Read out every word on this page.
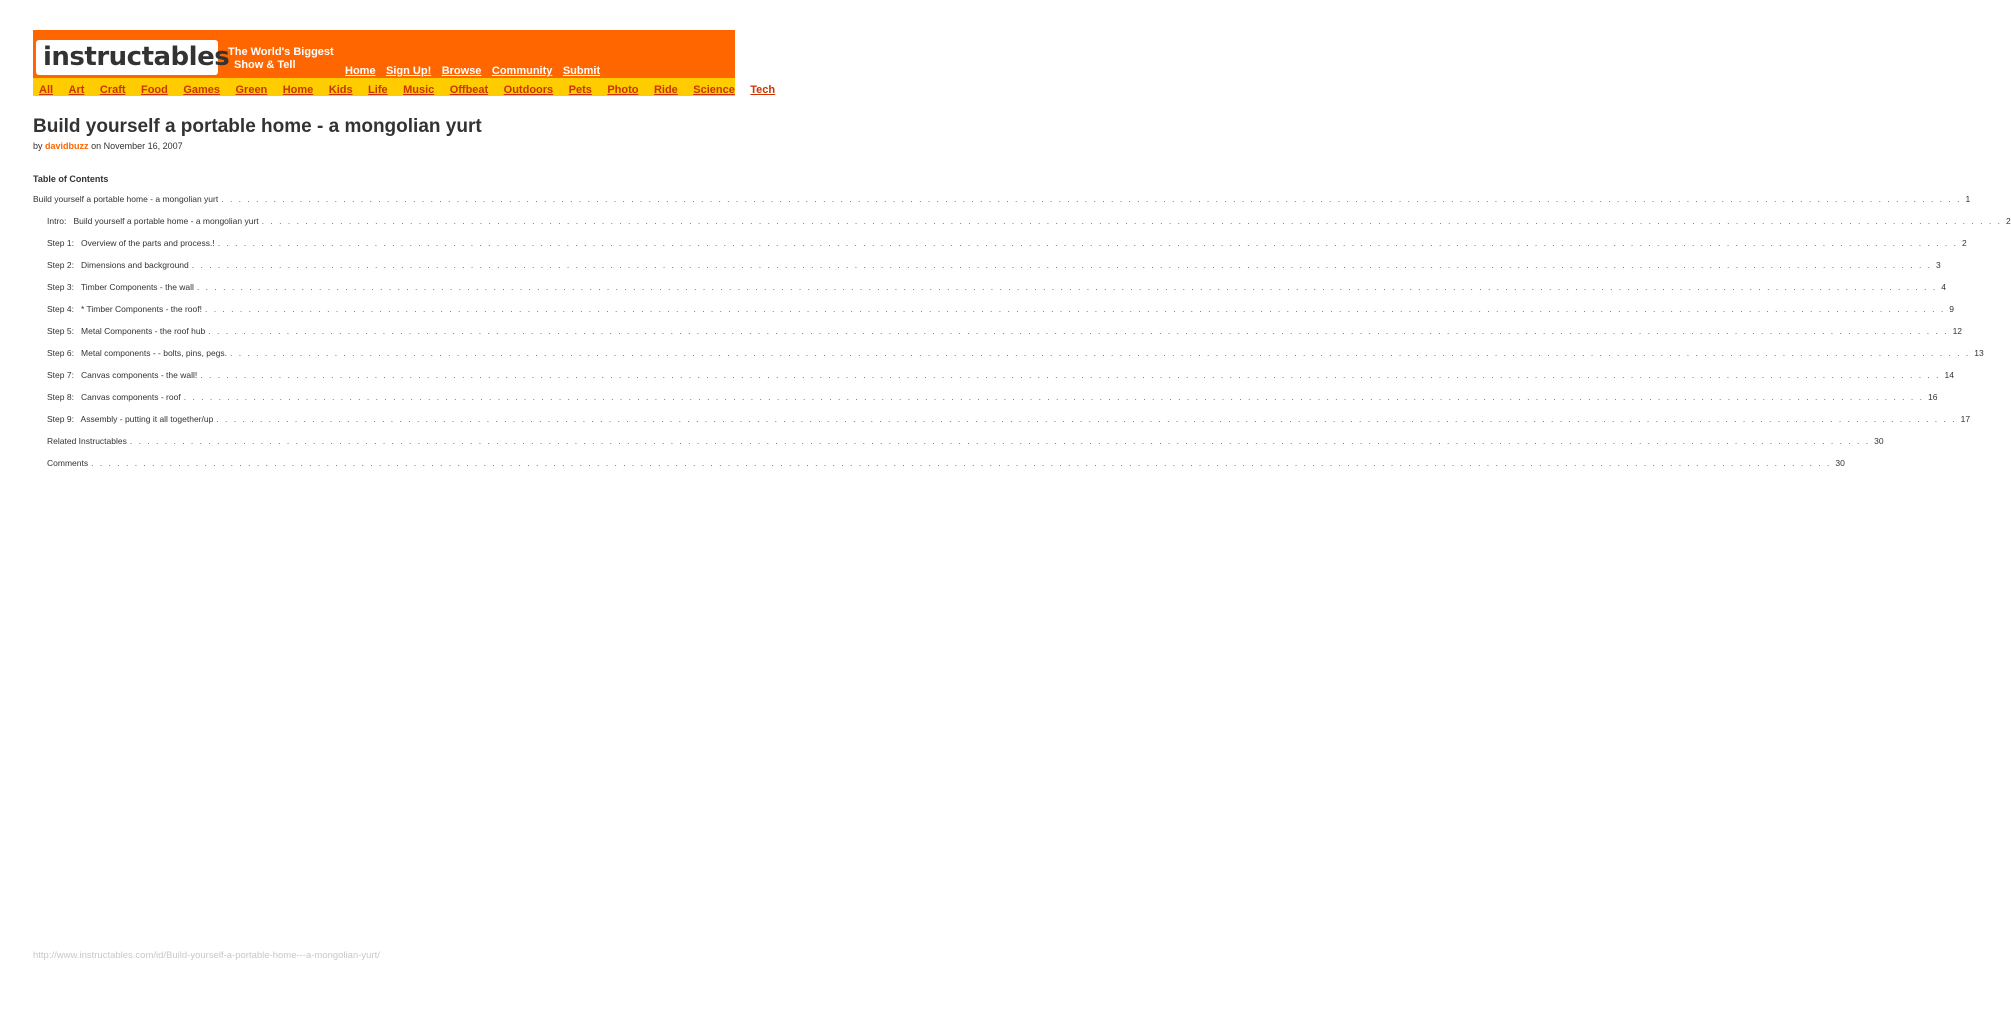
instructables
The World's Biggest
Show & Tell	Home Sign Up! Browse Community Submit
All Art Craft Food Games Green Home Kids Life Music Offbeat Outdoors Pets Photo Ride Science Tech
Build yourself a portable home - a mongolian yurt
by davidbuzz on November 16, 2007
Table of Contents
Build yourself a portable home - a mongolian yurt . . . . . . . . . . . . . . . . . . . . . . . . . . . . . . . . . . . . . . . . . . . . . . . . . . . . . . . . . . . . . . . . . . . . . . . . . . . . . . . . . . . . . . . . . . . . . . . . . . . . . . . . . . . . . . . . . . . . . . . . . . . . . . . . . . . . . . . . . . . . . . . . . . . . . . . . . . . . . . . . . . . . . . . . . . . . . . . . . . . . . . . . . . . . . . . . . . . . . . . . 1
Intro:   Build yourself a portable home - a mongolian yurt . . . . . . . . . . . . . . . . . . . . . . . . . . . . . . . . . . . . . . . . . . . . . . . . . . . . . . . . . . . . . . . . . . . . . . . . . . . . . . . . . . . . . . . . . . . . . . . . . . . . . . . . . . . . . . . . . . . . . . . . . . . . . . . . . . . . . . . . . . . . . . . . . . . . . . . . . . . . . . . . . . . . . . . . . . . . . . . . . . . . . . . . . . . . . . . . . . . . . . . . 2
Step 1:   Overview of the parts and process.! . . . . . . . . . . . . . . . . . . . . . . . . . . . . . . . . . . . . . . . . . . . . . . . . . . . . . . . . . . . . . . . . . . . . . . . . . . . . . . . . . . . . . . . . . . . . . . . . . . . . . . . . . . . . . . . . . . . . . . . . . . . . . . . . . . . . . . . . . . . . . . . . . . . . . . . . . . . . . . . . . . . . . . . . . . . . . . . . . . . . . . . . . . . . . . . . . . . . . . . . 2
Step 2:   Dimensions and background . . . . . . . . . . . . . . . . . . . . . . . . . . . . . . . . . . . . . . . . . . . . . . . . . . . . . . . . . . . . . . . . . . . . . . . . . . . . . . . . . . . . . . . . . . . . . . . . . . . . . . . . . . . . . . . . . . . . . . . . . . . . . . . . . . . . . . . . . . . . . . . . . . . . . . . . . . . . . . . . . . . . . . . . . . . . . . . . . . . . . . . . . . . . . . . . . . . . . . . . 3
Step 3:   Timber Components - the wall . . . . . . . . . . . . . . . . . . . . . . . . . . . . . . . . . . . . . . . . . . . . . . . . . . . . . . . . . . . . . . . . . . . . . . . . . . . . . . . . . . . . . . . . . . . . . . . . . . . . . . . . . . . . . . . . . . . . . . . . . . . . . . . . . . . . . . . . . . . . . . . . . . . . . . . . . . . . . . . . . . . . . . . . . . . . . . . . . . . . . . . . . . . . . . . . . . . . . . . . 4
Step 4:   * Timber Components - the roof! . . . . . . . . . . . . . . . . . . . . . . . . . . . . . . . . . . . . . . . . . . . . . . . . . . . . . . . . . . . . . . . . . . . . . . . . . . . . . . . . . . . . . . . . . . . . . . . . . . . . . . . . . . . . . . . . . . . . . . . . . . . . . . . . . . . . . . . . . . . . . . . . . . . . . . . . . . . . . . . . . . . . . . . . . . . . . . . . . . . . . . . . . . . . . . . . . . . . . . . . 9
Step 5:   Metal Components - the roof hub . . . . . . . . . . . . . . . . . . . . . . . . . . . . . . . . . . . . . . . . . . . . . . . . . . . . . . . . . . . . . . . . . . . . . . . . . . . . . . . . . . . . . . . . . . . . . . . . . . . . . . . . . . . . . . . . . . . . . . . . . . . . . . . . . . . . . . . . . . . . . . . . . . . . . . . . . . . . . . . . . . . . . . . . . . . . . . . . . . . . . . . . . . . . . . . . . . . . . . . . 12
Step 6:   Metal components - - bolts, pins, pegs. . . . . . . . . . . . . . . . . . . . . . . . . . . . . . . . . . . . . . . . . . . . . . . . . . . . . . . . . . . . . . . . . . . . . . . . . . . . . . . . . . . . . . . . . . . . . . . . . . . . . . . . . . . . . . . . . . . . . . . . . . . . . . . . . . . . . . . . . . . . . . . . . . . . . . . . . . . . . . . . . . . . . . . . . . . . . . . . . . . . . . . . . . . . . . . . . . . . . . . . . 13
Step 7:   Canvas components - the wall! . . . . . . . . . . . . . . . . . . . . . . . . . . . . . . . . . . . . . . . . . . . . . . . . . . . . . . . . . . . . . . . . . . . . . . . . . . . . . . . . . . . . . . . . . . . . . . . . . . . . . . . . . . . . . . . . . . . . . . . . . . . . . . . . . . . . . . . . . . . . . . . . . . . . . . . . . . . . . . . . . . . . . . . . . . . . . . . . . . . . . . . . . . . . . . . . . . . . . . . . 14
Step 8:   Canvas components - roof . . . . . . . . . . . . . . . . . . . . . . . . . . . . . . . . . . . . . . . . . . . . . . . . . . . . . . . . . . . . . . . . . . . . . . . . . . . . . . . . . . . . . . . . . . . . . . . . . . . . . . . . . . . . . . . . . . . . . . . . . . . . . . . . . . . . . . . . . . . . . . . . . . . . . . . . . . . . . . . . . . . . . . . . . . . . . . . . . . . . . . . . . . . . . . . . . . . . . . . . 16
Step 9:   Assembly - putting it all together/up . . . . . . . . . . . . . . . . . . . . . . . . . . . . . . . . . . . . . . . . . . . . . . . . . . . . . . . . . . . . . . . . . . . . . . . . . . . . . . . . . . . . . . . . . . . . . . . . . . . . . . . . . . . . . . . . . . . . . . . . . . . . . . . . . . . . . . . . . . . . . . . . . . . . . . . . . . . . . . . . . . . . . . . . . . . . . . . . . . . . . . . . . . . . . . . . . . . . . . . . 17
Related Instructables . . . . . . . . . . . . . . . . . . . . . . . . . . . . . . . . . . . . . . . . . . . . . . . . . . . . . . . . . . . . . . . . . . . . . . . . . . . . . . . . . . . . . . . . . . . . . . . . . . . . . . . . . . . . . . . . . . . . . . . . . . . . . . . . . . . . . . . . . . . . . . . . . . . . . . . . . . . . . . . . . . . . . . . . . . . . . . . . . . . . . . . . . . . . . . . . . . . . . . . . 30
Comments . . . . . . . . . . . . . . . . . . . . . . . . . . . . . . . . . . . . . . . . . . . . . . . . . . . . . . . . . . . . . . . . . . . . . . . . . . . . . . . . . . . . . . . . . . . . . . . . . . . . . . . . . . . . . . . . . . . . . . . . . . . . . . . . . . . . . . . . . . . . . . . . . . . . . . . . . . . . . . . . . . . . . . . . . . . . . . . . . . . . . . . . . . . . . . . . . . . . . . . . 30
http://www.instructables.com/id/Build-yourself-a-portable-home---a-mongolian-yurt/
